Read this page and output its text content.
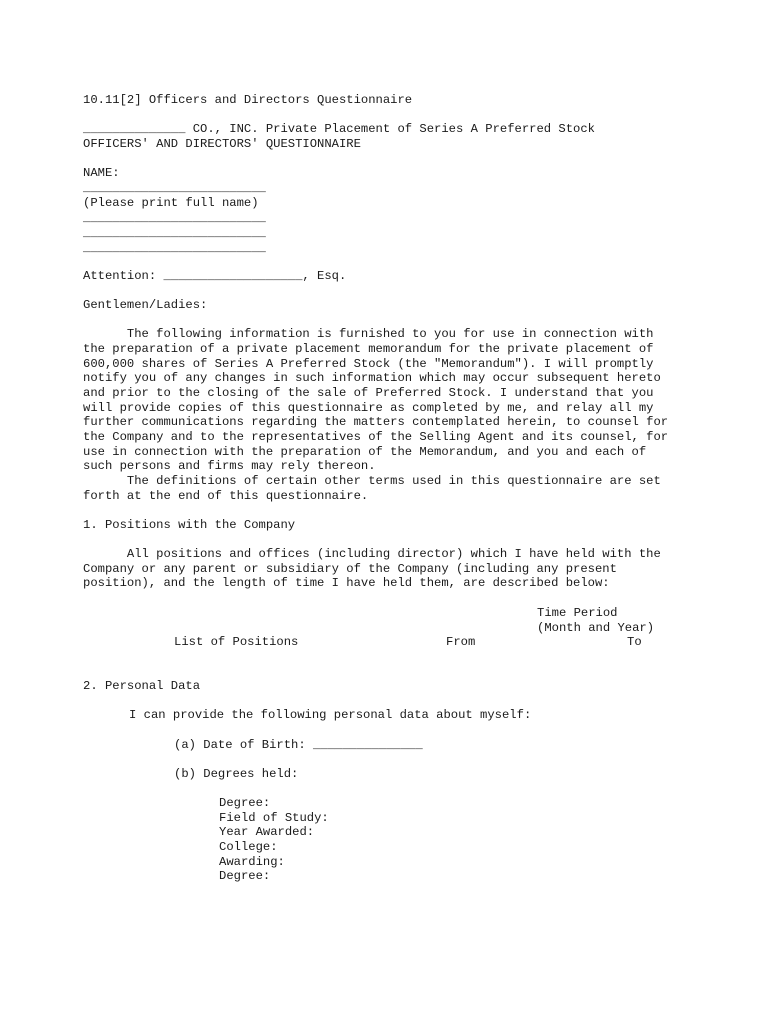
10.11[2] Officers and Directors Questionnaire
______________ CO., INC. Private Placement of Series A Preferred Stock
OFFICERS' AND DIRECTORS' QUESTIONNAIRE
NAME:
_________________________
(Please print full name)
_________________________
_________________________
_________________________
Attention: ___________________, Esq.
Gentlemen/Ladies:
The following information is furnished to you for use in connection with
the preparation of a private placement memorandum for the private placement of
600,000 shares of Series A Preferred Stock (the "Memorandum"). I will promptly
notify you of any changes in such information which may occur subsequent hereto
and prior to the closing of the sale of Preferred Stock. I understand that you
will provide copies of this questionnaire as completed by me, and relay all my
further communications regarding the matters contemplated herein, to counsel for
the Company and to the representatives of the Selling Agent and its counsel, for
use in connection with the preparation of the Memorandum, and you and each of
such persons and firms may rely thereon.
The definitions of certain other terms used in this questionnaire are set
forth at the end of this questionnaire.
1. Positions with the Company
All positions and offices (including director) which I have held with the
Company or any parent or subsidiary of the Company (including any present
position), and the length of time I have held them, are described below:
Time Period
(Month and Year)
List of Positions	From	To
2. Personal Data
I can provide the following personal data about myself:
(a) Date of Birth: _______________
(b) Degrees held:
Degree:
Field of Study:
Year Awarded:
College:
Awarding:
Degree:
